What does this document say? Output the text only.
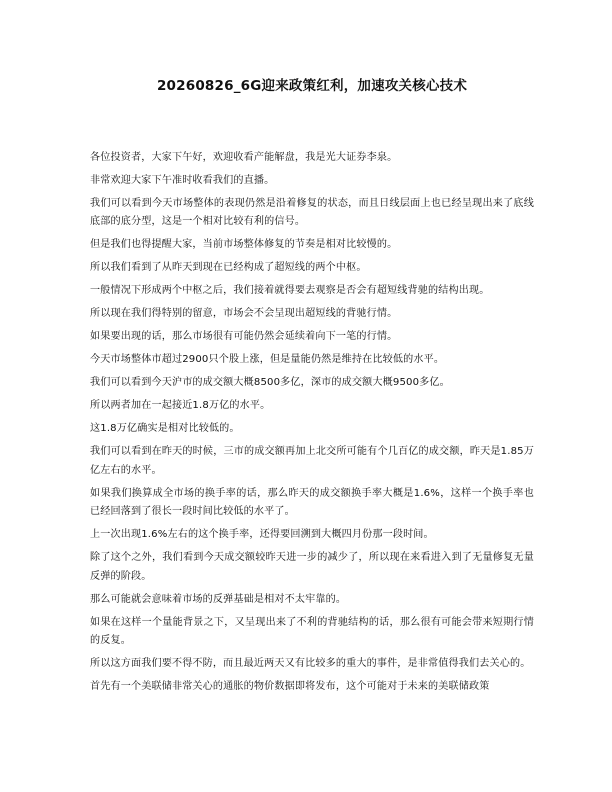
20260826_6G迎来政策红利，加速攻关核心技术

各位投资者，大家下午好，欢迎收看产能解盘，我是光大证券李泉。

非常欢迎大家下午准时收看我们的直播。

我们可以看到今天市场整体的表现仍然是沿着修复的状态，而且日线层面上也已经呈现出来了底线底部的底分型，这是一个相对比较有利的信号。

但是我们也得提醒大家，当前市场整体修复的节奏是相对比较慢的。

所以我们看到了从昨天到现在已经构成了超短线的两个中枢。

一般情况下形成两个中枢之后，我们接着就得要去观察是否会有超短线背驰的结构出现。

所以现在我们得特别的留意，市场会不会呈现出超短线的背驰行情。

如果要出现的话，那么市场很有可能仍然会延续着向下一笔的行情。

今天市场整体市超过2900只个股上涨，但是量能仍然是维持在比较低的水平。

我们可以看到今天沪市的成交额大概8500多亿，深市的成交额大概9500多亿。

所以两者加在一起接近1.8万亿的水平。

这1.8万亿确实是相对比较低的。

我们可以看到在昨天的时候，三市的成交额再加上北交所可能有个几百亿的成交额，昨天是1.85万亿左右的水平。

如果我们换算成全市场的换手率的话，那么昨天的成交额换手率大概是1.6%，这样一个换手率也已经回落到了很长一段时间比较低的水平了。

上一次出现1.6%左右的这个换手率，还得要回溯到大概四月份那一段时间。

除了这个之外，我们看到今天成交额较昨天进一步的减少了，所以现在来看进入到了无量修复无量反弹的阶段。

那么可能就会意味着市场的反弹基础是相对不太牢靠的。

如果在这样一个量能背景之下，又呈现出来了不利的背驰结构的话，那么很有可能会带来短期行情的反复。

所以这方面我们要不得不防，而且最近两天又有比较多的重大的事件，是非常值得我们去关心的。

首先有一个美联储非常关心的通胀的物价数据即将发布，这个可能对于未来的美联储政策
